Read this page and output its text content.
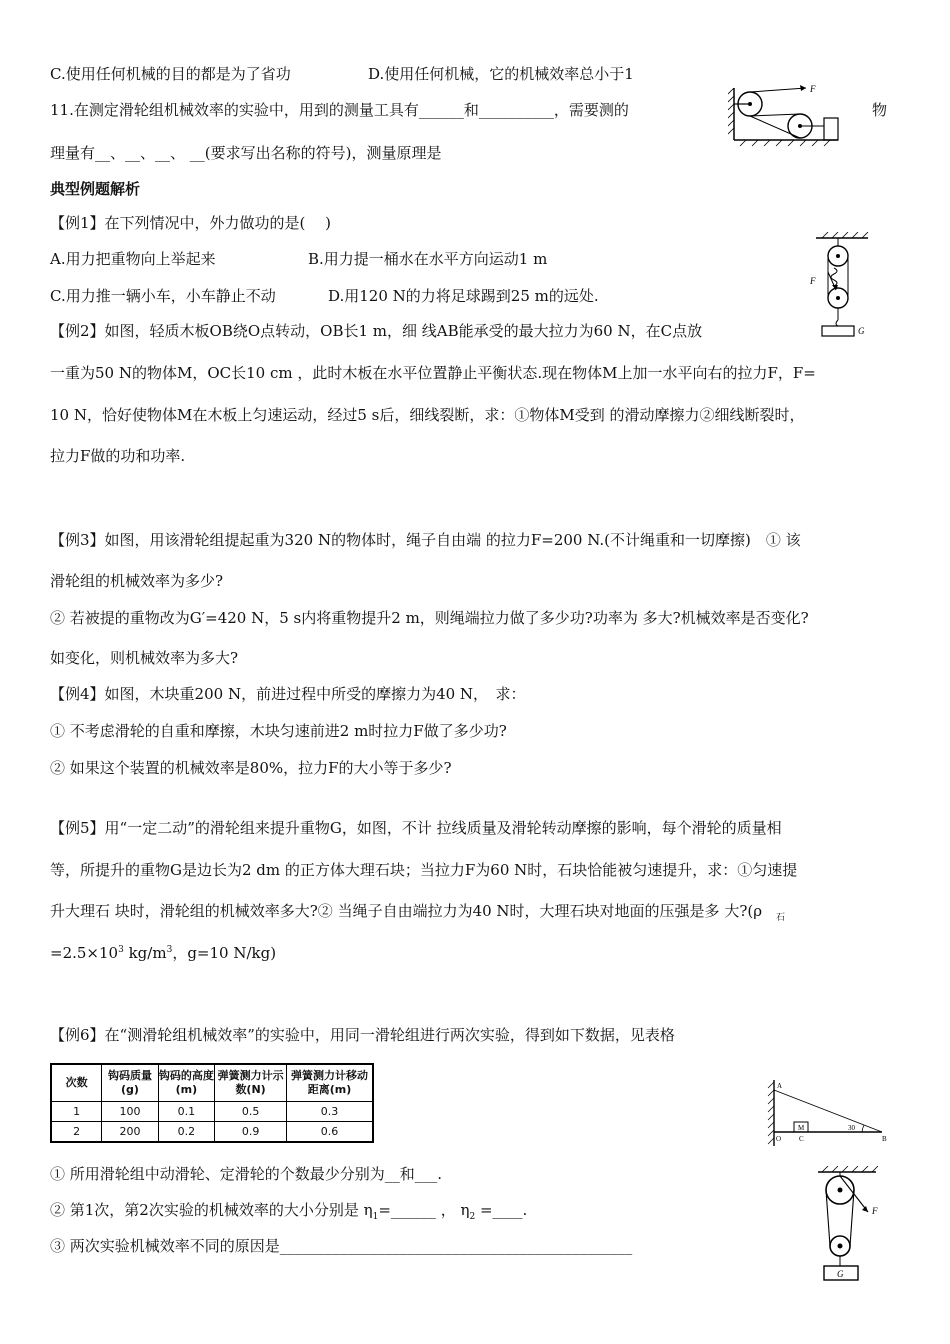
C.使用任何机械的目的都是为了省功	D.使用任何机械，它的机械效率总小于1
11.在测定滑轮组机械效率的实验中，用到的测量工具有______和__________，需要测的	物
理量有__、__、__、 __(要求写出名称的符号)，测量原理是
典型例题解析
【例1】在下列情况中，外力做功的是(　 )
A.用力把重物向上举起来	B.用力提一桶水在水平方向运动1 m
C.用力推一辆小车，小车静止不动	D.用120 N的力将足球踢到25 m的远处.
【例2】如图，轻质木板OB绕O点转动，OB长1 m，细 线AB能承受的最大拉力为60 N，在C点放
一重为50 N的物体M，OC长10 cm ，此时木板在水平位置静止平衡状态.现在物体M上加一水平向右的拉力F，F=
10 N，恰好使物体M在木板上匀速运动，经过5 s后，细线裂断，求：①物体M受到 的滑动摩擦力②细线断裂时，
拉力F做的功和功率.
【例3】如图，用该滑轮组提起重为320 N的物体时，绳子自由端 的拉力F=200 N.(不计绳重和一切摩擦)　① 该
滑轮组的机械效率为多少?
② 若被提的重物改为G′=420 N，5 s内将重物提升2 m，则绳端拉力做了多少功?功率为 多大?机械效率是否变化?
如变化，则机械效率为多大?
【例4】如图，木块重200 N，前进过程中所受的摩擦力为40 N，　求：
① 不考虑滑轮的自重和摩擦，木块匀速前进2 m时拉力F做了多少功?
② 如果这个装置的机械效率是80%，拉力F的大小等于多少?
【例5】用“一定二动”的滑轮组来提升重物G，如图，不计 拉线质量及滑轮转动摩擦的影响，每个滑轮的质量相
等，所提升的重物G是边长为2 dm 的正方体大理石块；当拉力F为60 N时，石块恰能被匀速提升，求：①匀速提
升大理石 块时，滑轮组的机械效率多大?② 当绳子自由端拉力为40 N时，大理石块对地面的压强是多 大?(ρ $_石$
$=2.5\times 10^3$ $kg/m^3$，g=10 N/kg)
【例6】在“测滑轮组机械效率”的实验中，用同一滑轮组进行两次实验，得到如下数据，见表格
次数	钩码质量(g)	钩码的高度(m)	弹簧测力计示数(N)	弹簧测力计移动距离(m)
1	100	0.1	0.5	0.3
2	200	0.2	0.9	0.6
① 所用滑轮组中动滑轮、定滑轮的个数最少分别为__和___.
② 第1次，第2次实验的机械效率的大小分别是 $\eta_1=\_\_\_\_\_\_$ ， $\eta_2$ =____.
③ 两次实验机械效率不同的原因是_______________________________________________
F
F
G
A
O	C
M
B
30
F
G
